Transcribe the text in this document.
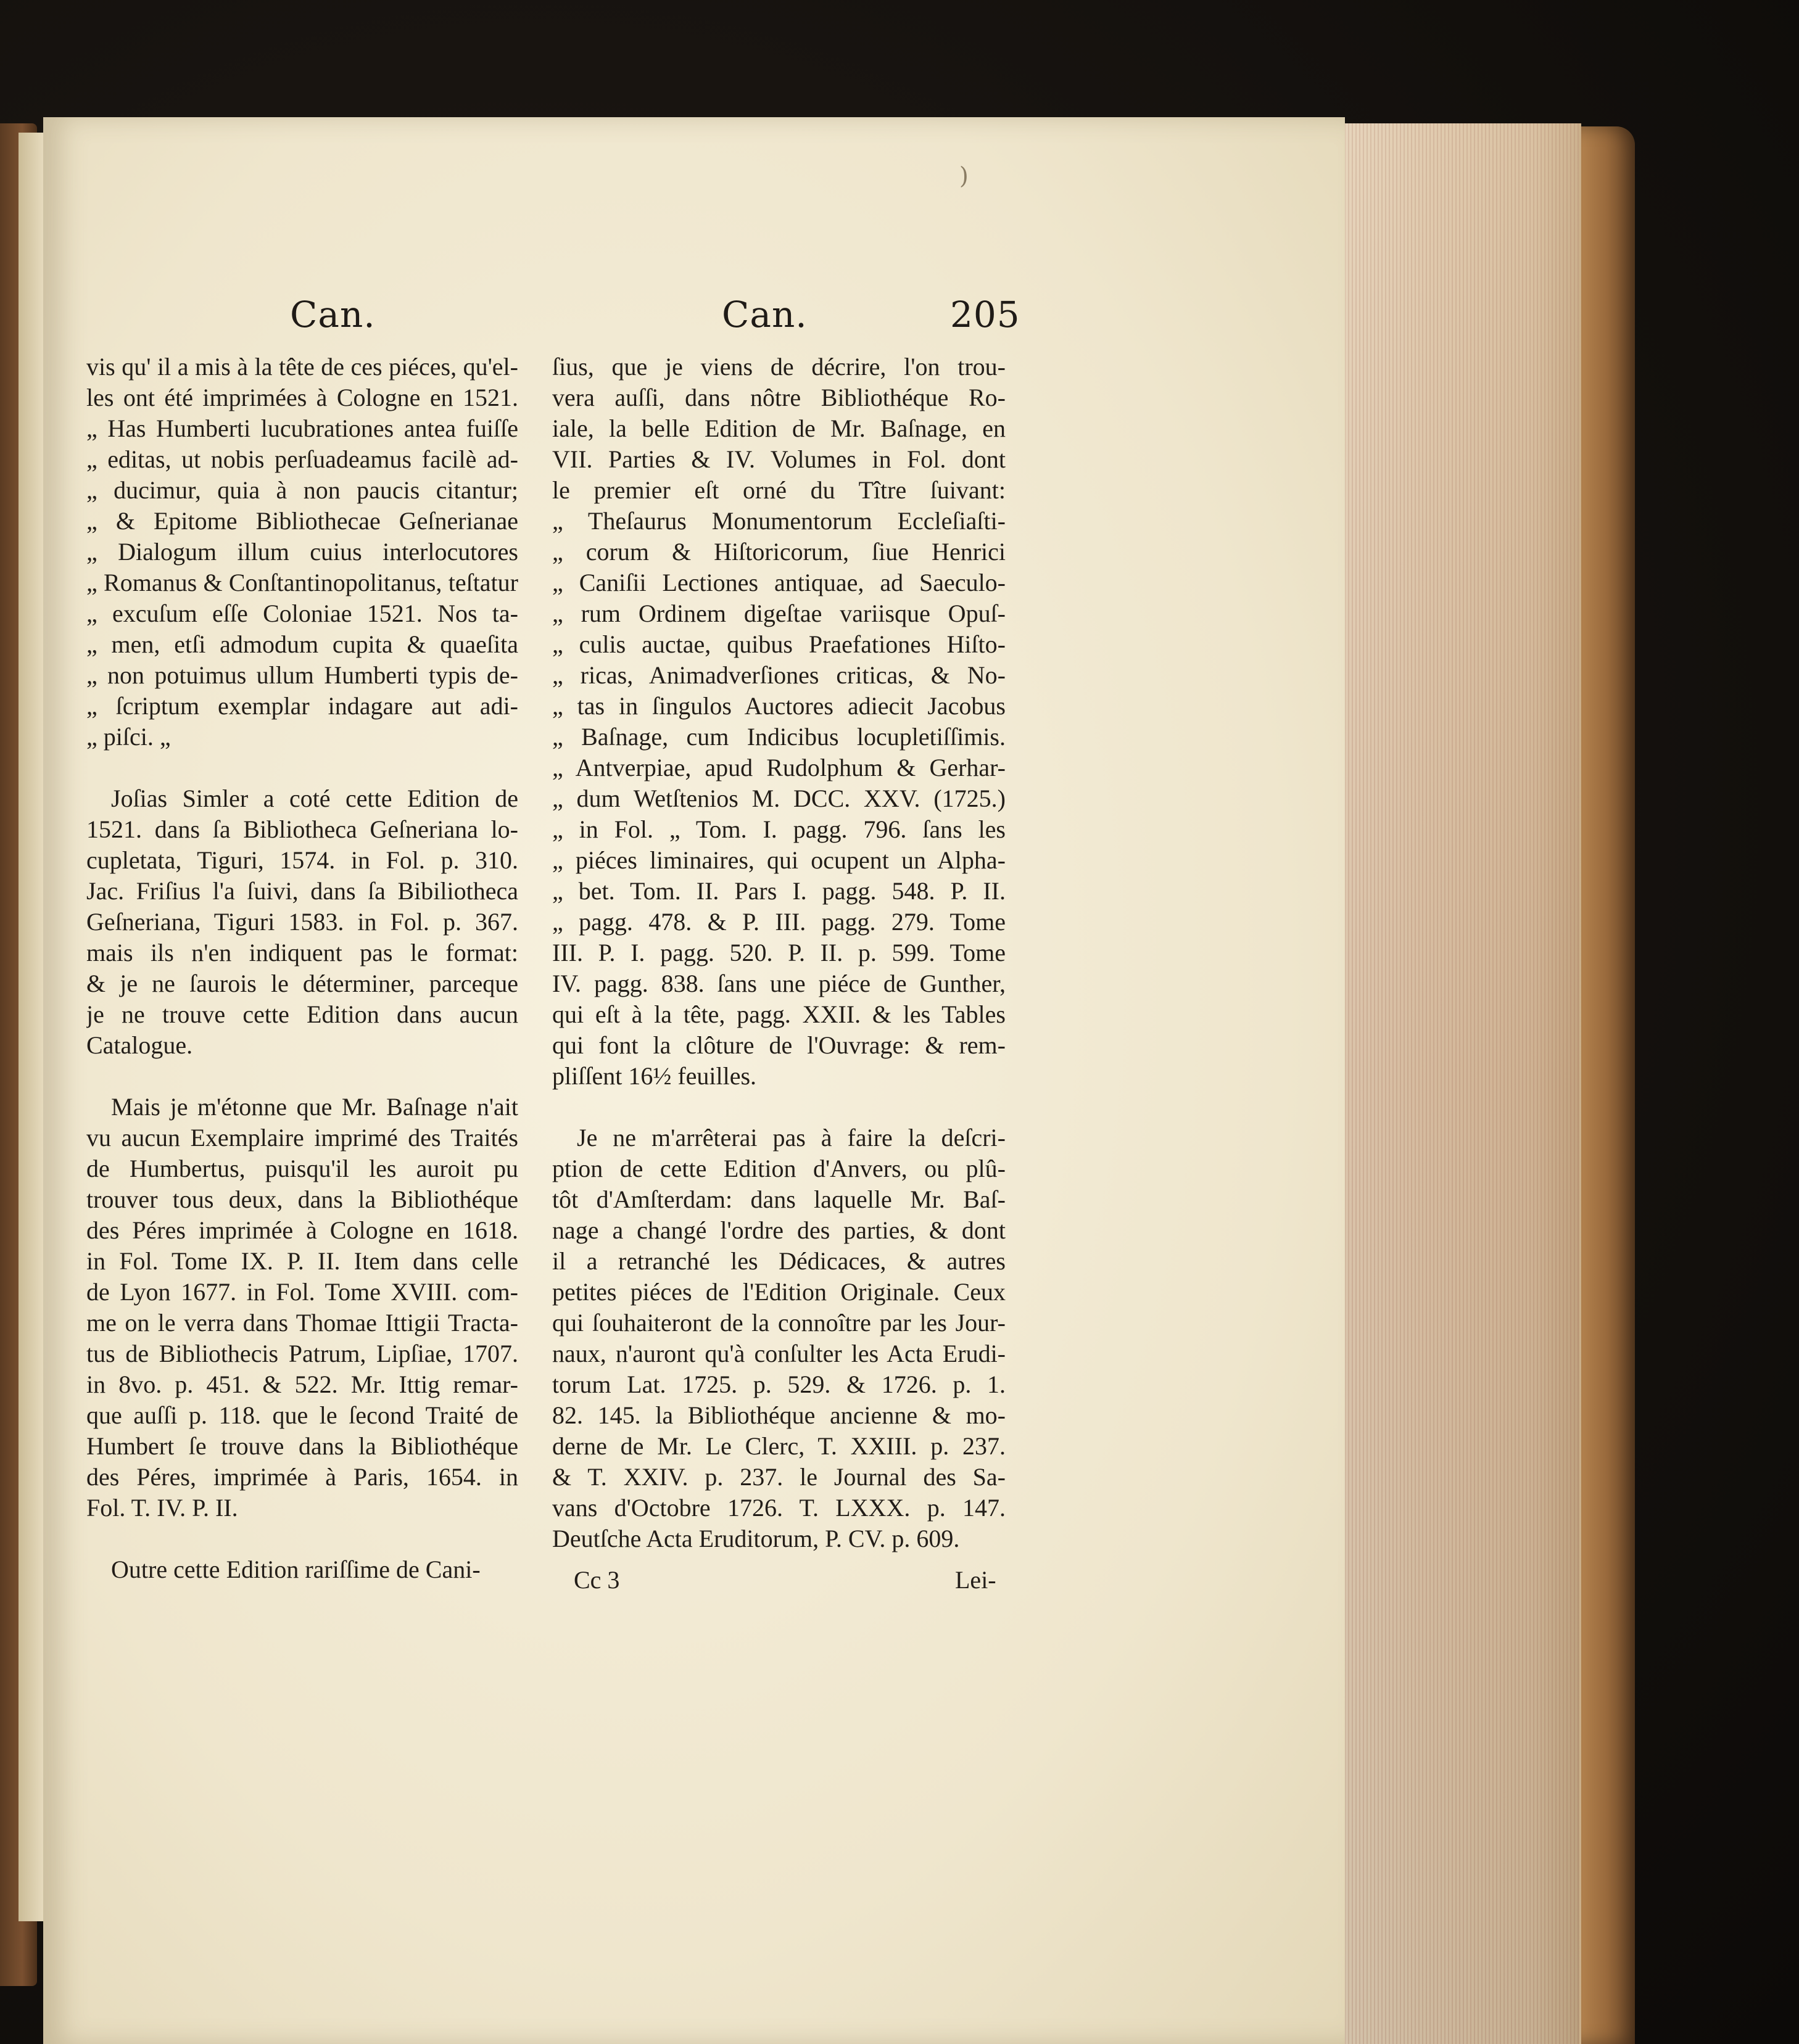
)
Can.	Can.	205
vis qu' il a mis à la tête de ces piéces, qu'el-
les ont été imprimées à Cologne en 1521.
„ Has Humberti lucubrationes antea fuiſſe
„ editas, ut nobis perſuadeamus facilè ad-
„ ducimur, quia à non paucis citantur;
„ & Epitome Bibliothecae Geſnerianae
„ Dialogum illum cuius interlocutores
„ Romanus & Conſtantinopolitanus, teſtatur
„ excuſum eſſe Coloniae 1521. Nos ta-
„ men, etſi admodum cupita & quaeſita
„ non potuimus ullum Humberti typis de-
„ ſcriptum exemplar indagare aut adi-
„ piſci. „
Joſias Simler a coté cette Edition de
1521. dans ſa Bibliotheca Geſneriana lo-
cupletata, Tiguri, 1574. in Fol. p. 310.
Jac. Friſius l'a ſuivi, dans ſa Bibiliotheca
Geſneriana, Tiguri 1583. in Fol. p. 367.
mais ils n'en indiquent pas le format:
& je ne ſaurois le déterminer, parceque
je ne trouve cette Edition dans aucun
Catalogue.
Mais je m'étonne que Mr. Baſnage n'ait
vu aucun Exemplaire imprimé des Traités
de Humbertus, puisqu'il les auroit pu
trouver tous deux, dans la Bibliothéque
des Péres imprimée à Cologne en 1618.
in Fol. Tome IX. P. II. Item dans celle
de Lyon 1677. in Fol. Tome XVIII. com-
me on le verra dans Thomae Ittigii Tracta-
tus de Bibliothecis Patrum, Lipſiae, 1707.
in 8vo. p. 451. & 522. Mr. Ittig remar-
que auſſi p. 118. que le ſecond Traité de
Humbert ſe trouve dans la Bibliothéque
des Péres, imprimée à Paris, 1654. in
Fol. T. IV. P. II.
Outre cette Edition rariſſime de Cani-
ſius, que je viens de décrire, l'on trou-
vera auſſi, dans nôtre Bibliothéque Ro-
iale, la belle Edition de Mr. Baſnage, en
VII. Parties & IV. Volumes in Fol. dont
le premier eſt orné du Tître ſuivant:
„ Theſaurus Monumentorum Eccleſiaſti-
„ corum & Hiſtoricorum, ſiue Henrici
„ Caniſii Lectiones antiquae, ad Saeculo-
„ rum Ordinem digeſtae variisque Opuſ-
„ culis auctae, quibus Praefationes Hiſto-
„ ricas, Animadverſiones criticas, & No-
„ tas in ſingulos Auctores adiecit Jacobus
„ Baſnage, cum Indicibus locupletiſſimis.
„ Antverpiae, apud Rudolphum & Gerhar-
„ dum Wetſtenios M. DCC. XXV. (1725.)
„ in Fol. „ Tom. I. pagg. 796. ſans les
„ piéces liminaires, qui ocupent un Alpha-
„ bet. Tom. II. Pars I. pagg. 548. P. II.
„ pagg. 478. & P. III. pagg. 279. Tome
III. P. I. pagg. 520. P. II. p. 599. Tome
IV. pagg. 838. ſans une piéce de Gunther,
qui eſt à la tête, pagg. XXII. & les Tables
qui font la clôture de l'Ouvrage: & rem-
pliſſent 16½ feuilles.
Je ne m'arrêterai pas à faire la deſcri-
ption de cette Edition d'Anvers, ou plû-
tôt d'Amſterdam: dans laquelle Mr. Baſ-
nage a changé l'ordre des parties, & dont
il a retranché les Dédicaces, & autres
petites piéces de l'Edition Originale. Ceux
qui ſouhaiteront de la connoître par les Jour-
naux, n'auront qu'à conſulter les Acta Erudi-
torum Lat. 1725. p. 529. & 1726. p. 1.
82. 145. la Bibliothéque ancienne & mo-
derne de Mr. Le Clerc, T. XXIII. p. 237.
& T. XXIV. p. 237. le Journal des Sa-
vans d'Octobre 1726. T. LXXX. p. 147.
Deutſche Acta Eruditorum, P. CV. p. 609.
Cc 3	Lei-
